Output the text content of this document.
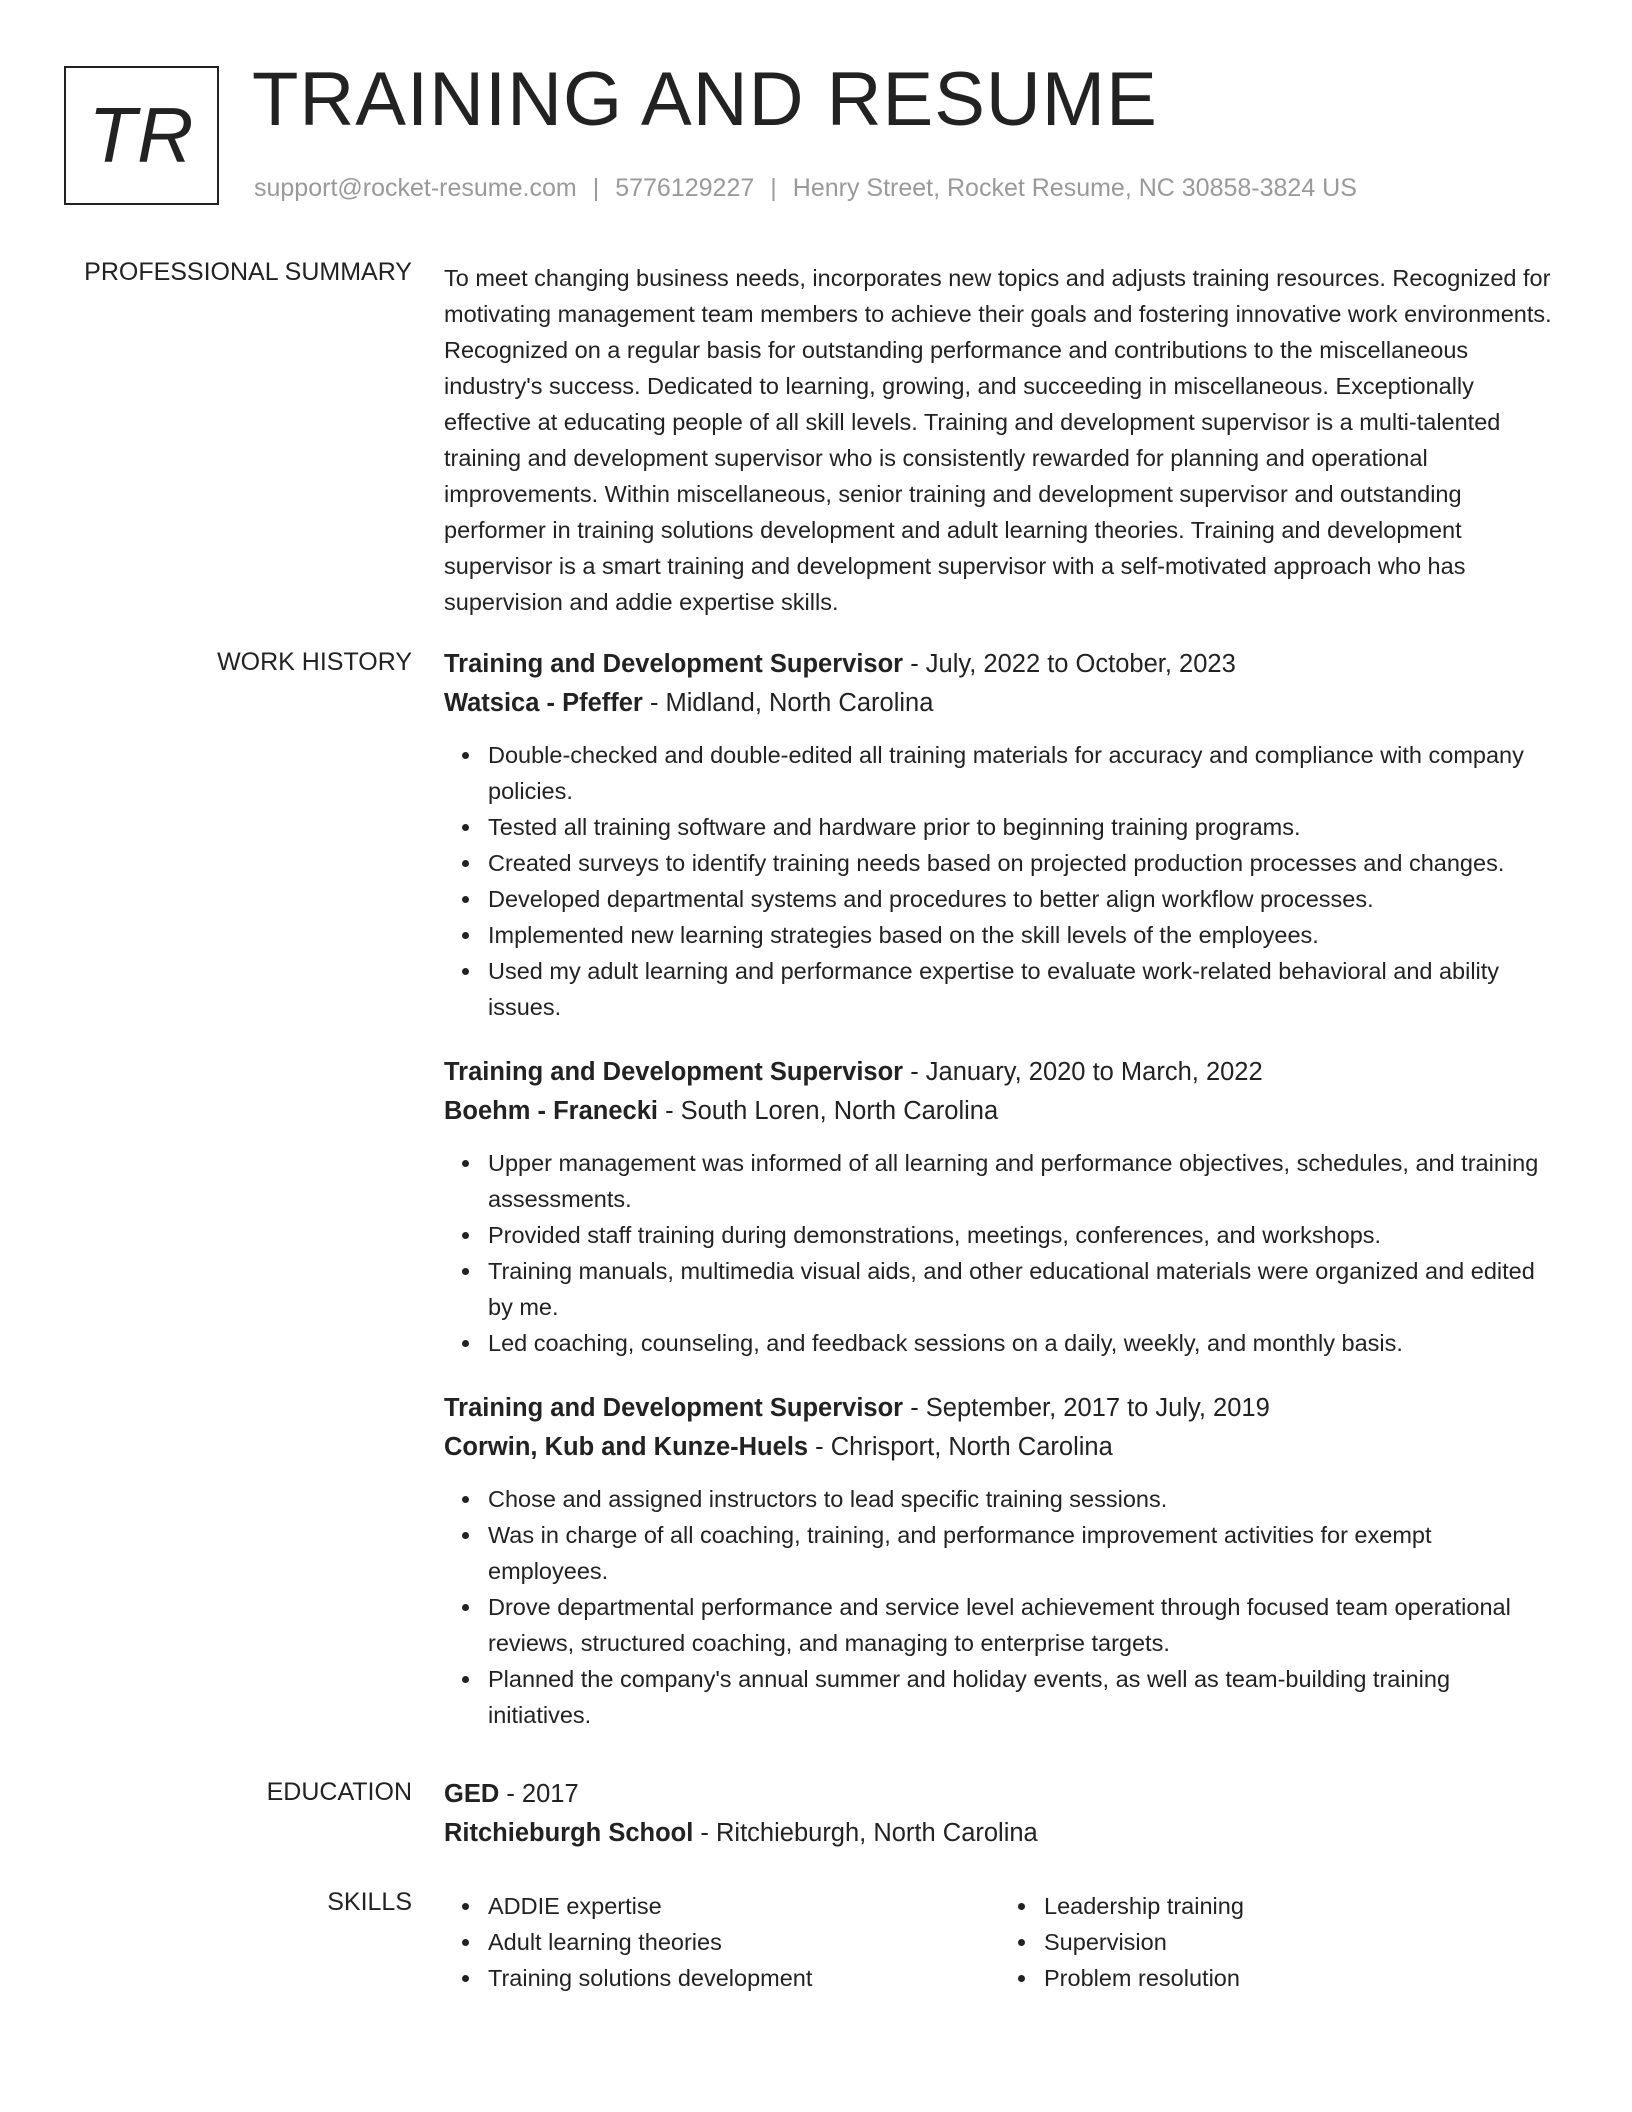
TR TRAINING AND RESUME
support@rocket-resume.com | 5776129227 | Henry Street, Rocket Resume, NC 30858-3824 US
PROFESSIONAL SUMMARY To meet changing business needs, incorporates new topics and adjusts training resources. Recognized for motivating management team members to achieve their goals and fostering innovative work environments. Recognized on a regular basis for outstanding performance and contributions to the miscellaneous industry's success. Dedicated to learning, growing, and succeeding in miscellaneous. Exceptionally effective at educating people of all skill levels. Training and development supervisor is a multi-talented training and development supervisor who is consistently rewarded for planning and operational improvements. Within miscellaneous, senior training and development supervisor and outstanding performer in training solutions development and adult learning theories. Training and development supervisor is a smart training and development supervisor with a self-motivated approach who has supervision and addie expertise skills.

WORK HISTORY Training and Development Supervisor - July, 2022 to October, 2023
Watsica - Pfeffer - Midland, North Carolina
Double-checked and double-edited all training materials for accuracy and compliance with company policies.
Tested all training software and hardware prior to beginning training programs.
Created surveys to identify training needs based on projected production processes and changes.
Developed departmental systems and procedures to better align workflow processes.
Implemented new learning strategies based on the skill levels of the employees.
Used my adult learning and performance expertise to evaluate work-related behavioral and ability issues.
Training and Development Supervisor - January, 2020 to March, 2022
Boehm - Franecki - South Loren, North Carolina
Upper management was informed of all learning and performance objectives, schedules, and training assessments.
Provided staff training during demonstrations, meetings, conferences, and workshops.
Training manuals, multimedia visual aids, and other educational materials were organized and edited by me.
Led coaching, counseling, and feedback sessions on a daily, weekly, and monthly basis.
Training and Development Supervisor - September, 2017 to July, 2019
Corwin, Kub and Kunze-Huels - Chrisport, North Carolina
Chose and assigned instructors to lead specific training sessions.
Was in charge of all coaching, training, and performance improvement activities for exempt employees.
Drove departmental performance and service level achievement through focused team operational reviews, structured coaching, and managing to enterprise targets.
Planned the company's annual summer and holiday events, as well as team-building training initiatives.
EDUCATION GED - 2017
Ritchieburgh School - Ritchieburgh, North Carolina
SKILLS	ADDIE expertise
Adult learning theories
Training solutions development
Leadership training
Supervision
Problem resolution
